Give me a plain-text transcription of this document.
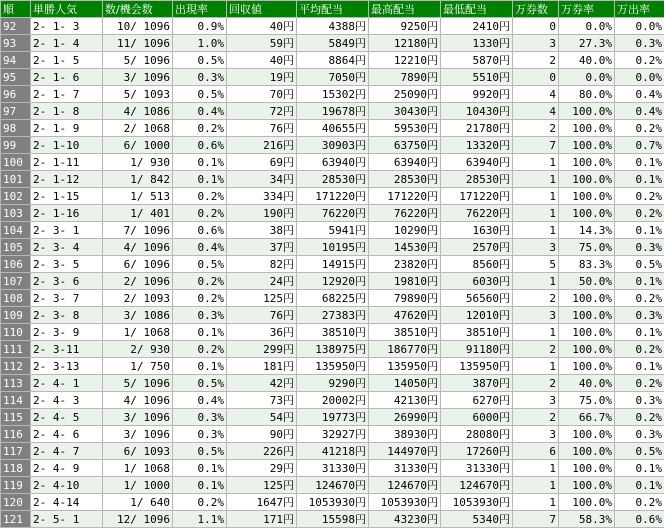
順	単勝人気	数/機会数	出現率	回収値	平均配当	最高配当	最低配当	万券数	万券率	万出率
92	2- 1- 3	10/ 1096	0.9%	40円	4388円	9250円	2410円	0	0.0%	0.0%
93	2- 1- 4	11/ 1096	1.0%	59円	5849円	12180円	1330円	3	27.3%	0.3%
94	2- 1- 5	5/ 1096	0.5%	40円	8864円	12210円	5870円	2	40.0%	0.2%
95	2- 1- 6	3/ 1096	0.3%	19円	7050円	7890円	5510円	0	0.0%	0.0%
96	2- 1- 7	5/ 1093	0.5%	70円	15302円	25090円	9920円	4	80.0%	0.4%
97	2- 1- 8	4/ 1086	0.4%	72円	19678円	30430円	10430円	4	100.0%	0.4%
98	2- 1- 9	2/ 1068	0.2%	76円	40655円	59530円	21780円	2	100.0%	0.2%
99	2- 1-10	6/ 1000	0.6%	216円	30903円	63750円	13320円	7	100.0%	0.7%
100	2- 1-11	1/ 930	0.1%	69円	63940円	63940円	63940円	1	100.0%	0.1%
101	2- 1-12	1/ 842	0.1%	34円	28530円	28530円	28530円	1	100.0%	0.1%
102	2- 1-15	1/ 513	0.2%	334円	171220円	171220円	171220円	1	100.0%	0.2%
103	2- 1-16	1/ 401	0.2%	190円	76220円	76220円	76220円	1	100.0%	0.2%
104	2- 3- 1	7/ 1096	0.6%	38円	5941円	10290円	1630円	1	14.3%	0.1%
105	2- 3- 4	4/ 1096	0.4%	37円	10195円	14530円	2570円	3	75.0%	0.3%
106	2- 3- 5	6/ 1096	0.5%	82円	14915円	23820円	8560円	5	83.3%	0.5%
107	2- 3- 6	2/ 1096	0.2%	24円	12920円	19810円	6030円	1	50.0%	0.1%
108	2- 3- 7	2/ 1093	0.2%	125円	68225円	79890円	56560円	2	100.0%	0.2%
109	2- 3- 8	3/ 1086	0.3%	76円	27383円	47620円	12010円	3	100.0%	0.3%
110	2- 3- 9	1/ 1068	0.1%	36円	38510円	38510円	38510円	1	100.0%	0.1%
111	2- 3-11	2/ 930	0.2%	299円	138975円	186770円	91180円	2	100.0%	0.2%
112	2- 3-13	1/ 750	0.1%	181円	135950円	135950円	135950円	1	100.0%	0.1%
113	2- 4- 1	5/ 1096	0.5%	42円	9290円	14050円	3870円	2	40.0%	0.2%
114	2- 4- 3	4/ 1096	0.4%	73円	20002円	42130円	6270円	3	75.0%	0.3%
115	2- 4- 5	3/ 1096	0.3%	54円	19773円	26990円	6000円	2	66.7%	0.2%
116	2- 4- 6	3/ 1096	0.3%	90円	32927円	38930円	28080円	3	100.0%	0.3%
117	2- 4- 7	6/ 1093	0.5%	226円	41218円	144970円	17260円	6	100.0%	0.5%
118	2- 4- 9	1/ 1068	0.1%	29円	31330円	31330円	31330円	1	100.0%	0.1%
119	2- 4-10	1/ 1000	0.1%	125円	124670円	124670円	124670円	1	100.0%	0.1%
120	2- 4-14	1/ 640	0.2%	1647円	1053930円	1053930円	1053930円	1	100.0%	0.2%
121	2- 5- 1	12/ 1096	1.1%	171円	15598円	43230円	5340円	7	58.3%	0.6%
